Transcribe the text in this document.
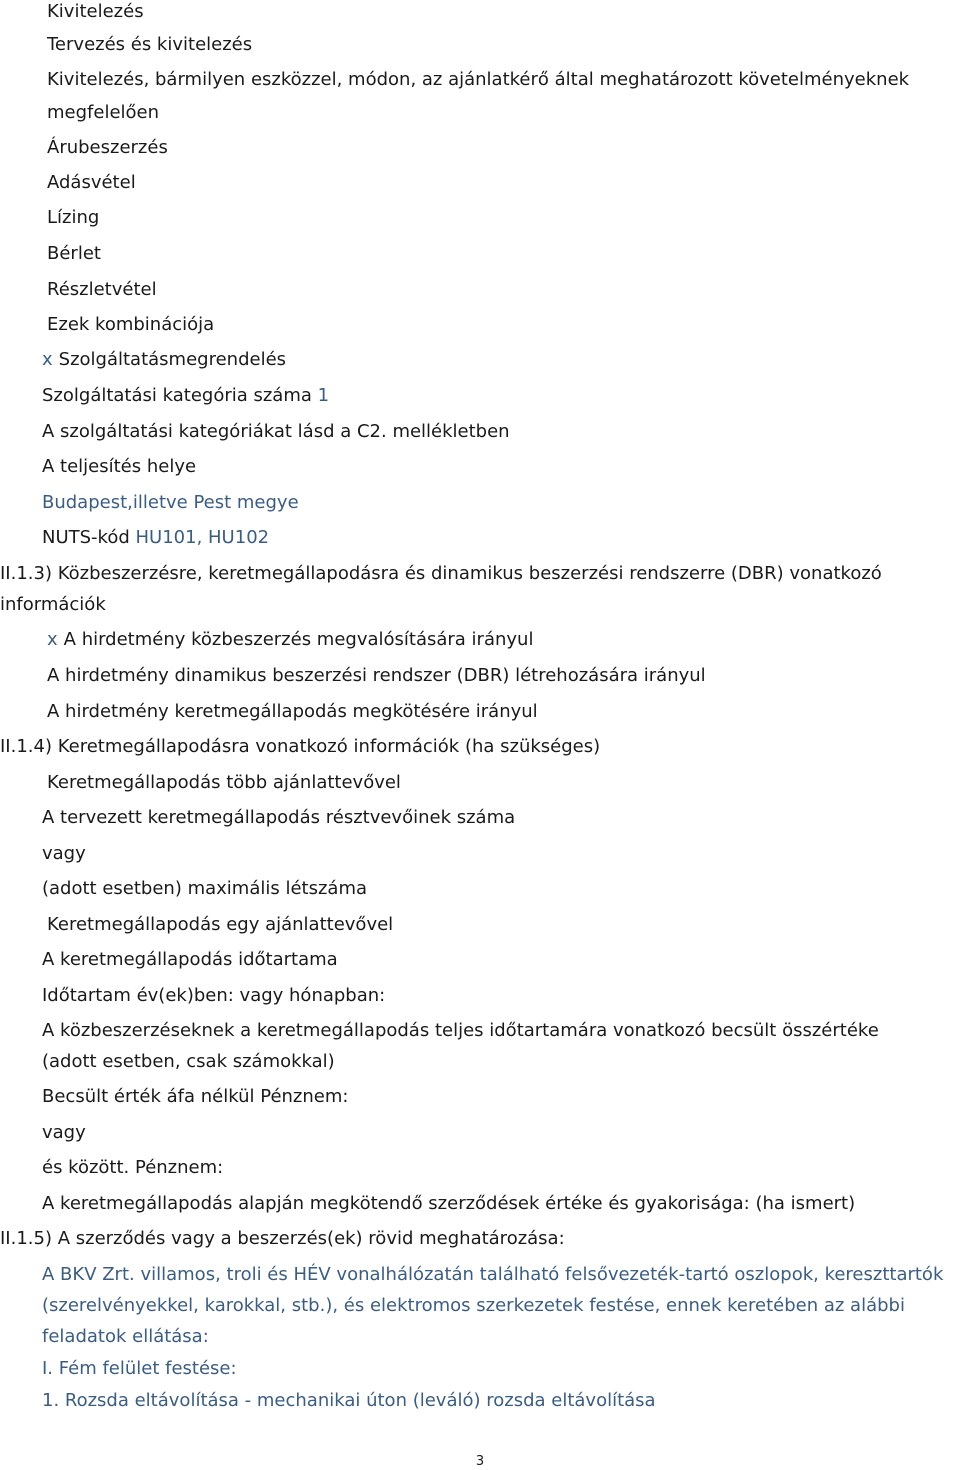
Kivitelezés
Tervezés és kivitelezés
Kivitelezés, bármilyen eszközzel, módon, az ajánlatkérő által meghatározott követelményeknek
megfelelően
Árubeszerzés
Adásvétel
Lízing
Bérlet
Részletvétel
Ezek kombinációja
x Szolgáltatásmegrendelés
Szolgáltatási kategória száma 1
A szolgáltatási kategóriákat lásd a C2. mellékletben
A teljesítés helye
Budapest,illetve Pest megye
NUTS-kód HU101, HU102
II.1.3) Közbeszerzésre, keretmegállapodásra és dinamikus beszerzési rendszerre (DBR) vonatkozó
információk
x A hirdetmény közbeszerzés megvalósítására irányul
A hirdetmény dinamikus beszerzési rendszer (DBR) létrehozására irányul
A hirdetmény keretmegállapodás megkötésére irányul
II.1.4) Keretmegállapodásra vonatkozó információk (ha szükséges)
Keretmegállapodás több ajánlattevővel
A tervezett keretmegállapodás résztvevőinek száma
vagy
(adott esetben) maximális létszáma
Keretmegállapodás egy ajánlattevővel
A keretmegállapodás időtartama
Időtartam év(ek)ben: vagy hónapban:
A közbeszerzéseknek a keretmegállapodás teljes időtartamára vonatkozó becsült összértéke
(adott esetben, csak számokkal)
Becsült érték áfa nélkül Pénznem:
vagy
és között. Pénznem:
A keretmegállapodás alapján megkötendő szerződések értéke és gyakorisága: (ha ismert)
II.1.5) A szerződés vagy a beszerzés(ek) rövid meghatározása:
A BKV Zrt. villamos, troli és HÉV vonalhálózatán található felsővezeték-tartó oszlopok, kereszttartók
(szerelvényekkel, karokkal, stb.), és elektromos szerkezetek festése, ennek keretében az alábbi
feladatok ellátása:
I. Fém felület festése:
1. Rozsda eltávolítása - mechanikai úton (leváló) rozsda eltávolítása
3
